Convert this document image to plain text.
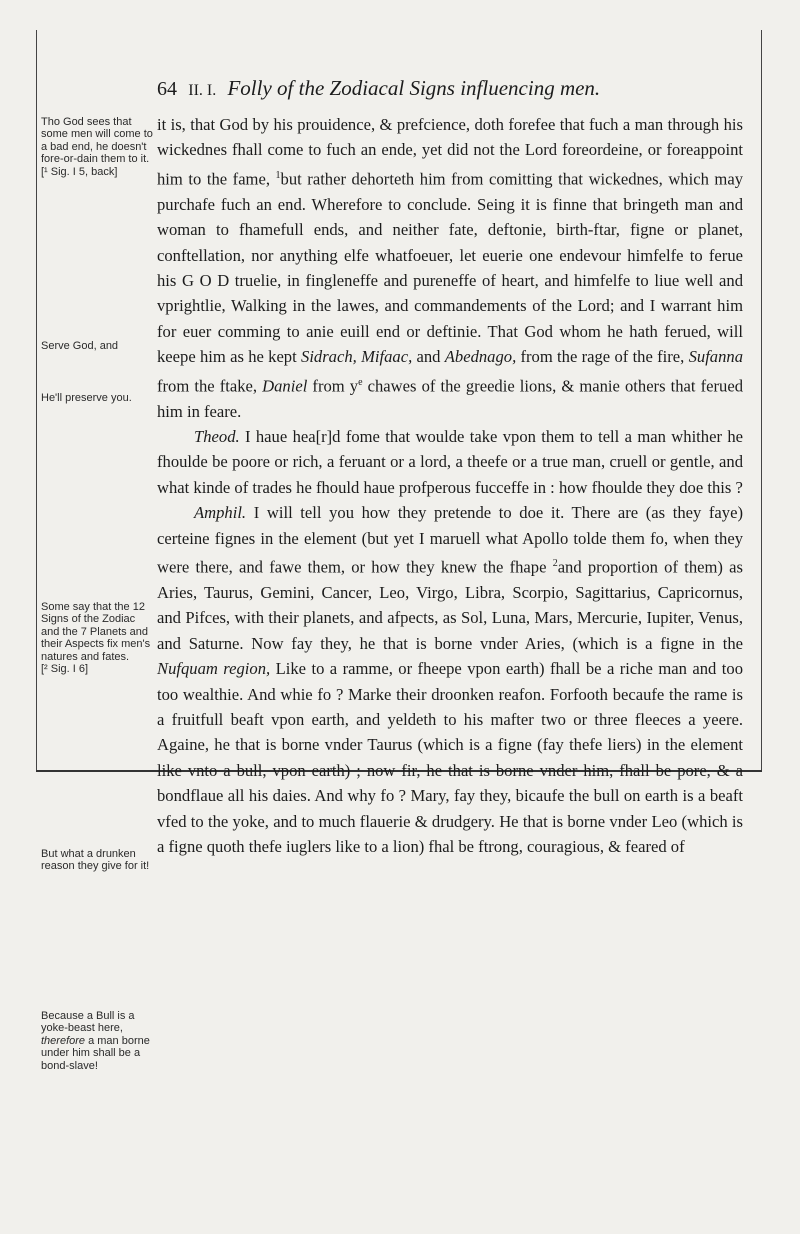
64 II. I. Folly of the Zodiacal Signs influencing men.
Tho God sees that some men will come to a bad end, he doesn't fore-or-dain them to it.
[¹ Sig. I 5, back]
Serve God, and
He'll preserve you.
Some say that the 12 Signs of the Zodiac and the 7 Planets and their Aspects fix men's natures and fates.
[² Sig. I 6]
But what a drunken reason they give for it!
Because a Bull is a yoke-beast here, therefore a man borne under him shall be a bond-slave!

it is, that God by his prouidence, & prefcience, doth forefee that fuch a man through his wickednes fhall come to fuch an ende, yet did not the Lord foreordeine, or foreappoint him to the fame, $^1$but rather dehorteth him from comitting that wickednes, which may purchafe fuch an end. Wherefore to conclude. Seing it is finne that bringeth man and woman to fhamefull ends, and neither fate, deftonie, birth-ftar, figne or planet, conftellation, nor anything elfe whatfoeuer, let euerie one endevour himfelfe to ferue his G O D truelie, in fingleneffe and pureneffe of heart, and himfelfe to liue well and vprightlie, Walking in the lawes, and commandements of the Lord; and I warrant him for euer comming to anie euill end or deftinie. That God whom he hath ferued, will keepe him as he kept Sidrach, Mifaac, and Abednago, from the rage of the fire, Sufanna from the ftake, Daniel from $y^e$ chawes of the greedie lions, & manie others that ferued him in feare.

Theod. I haue hea[r]d fome that woulde take vpon them to tell a man whither he fhoulde be poore or rich, a feruant or a lord, a theefe or a true man, cruell or gentle, and what kinde of trades he fhould haue profperous fucceffe in : how fhoulde they doe this ?

Amphil. I will tell you how they pretende to doe it. There are (as they faye) certeine fignes in the element (but yet I maruell what Apollo tolde them fo, when they were there, and fawe them, or how they knew the fhape $^2$and proportion of them) as Aries, Taurus, Gemini, Cancer, Leo, Virgo, Libra, Scorpio, Sagittarius, Capricornus, and Pifces, with their planets, and afpects, as Sol, Luna, Mars, Mercurie, Iupiter, Venus, and Saturne. Now fay they, he that is borne vnder Aries, (which is a figne in the Nufquam region, Like to a ramme, or fheepe vpon earth) fhall be a riche man and too too wealthie. And whie fo ? Marke their droonken reafon. Forfooth becaufe the rame is a fruitfull beaft vpon earth, and yeldeth to his mafter two or three fleeces a yeere. Againe, he that is borne vnder Taurus (which is a figne (fay thefe liers) in the element like vnto a bull, vpon earth) ; now fir, he that is borne vnder him, fhall be pore, & a bondflaue all his daies. And why fo ? Mary, fay they, bicaufe the bull on earth is a beaft vfed to the yoke, and to much flauerie & drudgery. He that is borne vnder Leo (which is a figne quoth thefe iuglers like to a lion) fhal be ftrong, couragious, & feared of
